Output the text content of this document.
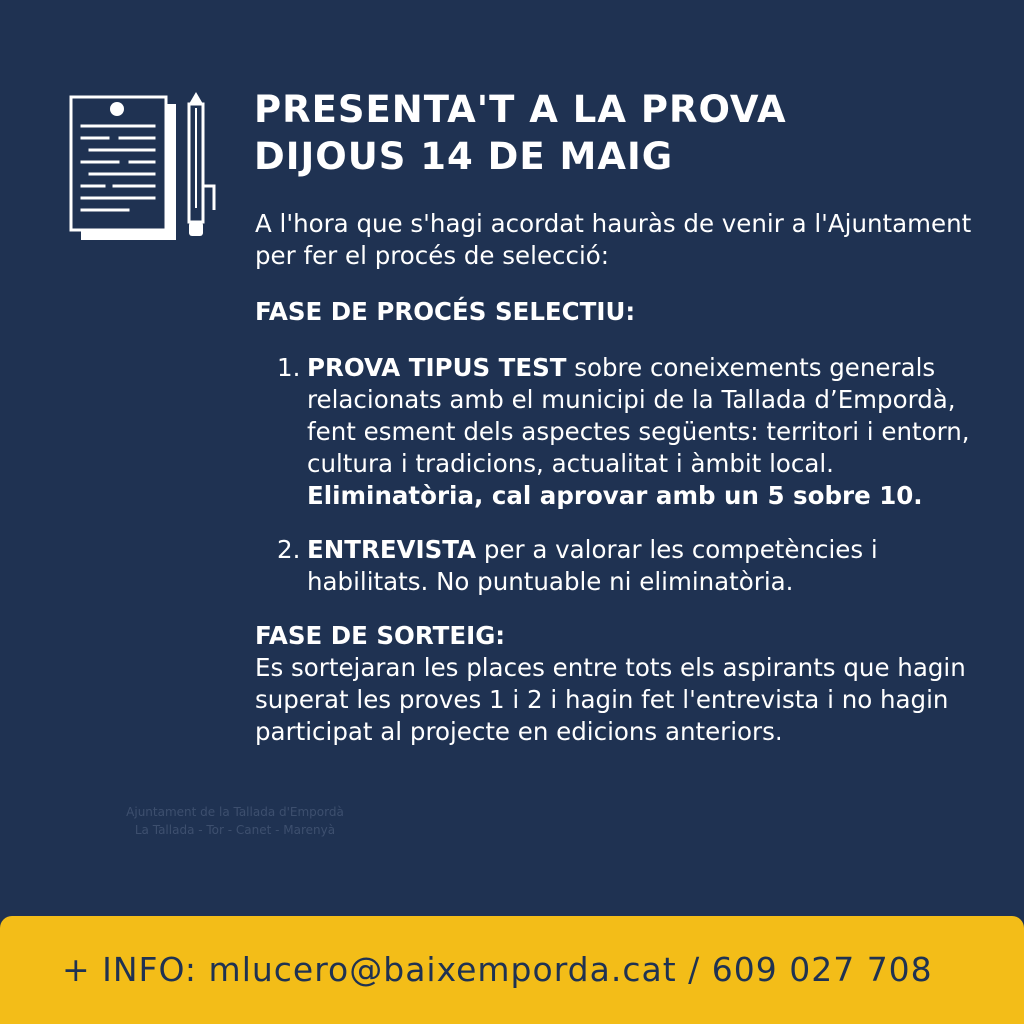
PRESENTA'T A LA PROVA
DIJOUS 14 DE MAIG

A l'hora que s'hagi acordat hauràs de venir a l'Ajuntament per fer el procés de selecció:

FASE DE PROCÉS SELECTIU:

1. PROVA TIPUS TEST sobre coneixements generals relacionats amb el municipi de la Tallada d’Empordà, fent esment dels aspectes següents: territori i entorn, cultura i tradicions, actualitat i àmbit local. Eliminatòria, cal aprovar amb un 5 sobre 10.
2. ENTREVISTA per a valorar les competències i habilitats. No puntuable ni eliminatòria.

FASE DE SORTEIG:

Es sortejaran les places entre tots els aspirants que hagin superat les proves 1 i 2 i hagin fet l'entrevista i no hagin participat al projecte en edicions anteriors.

Ajuntament de la Tallada d'Empordà
La Tallada - Tor - Canet - Marenyà
+ INFO: mlucero@baixemporda.cat / 609 027 708
